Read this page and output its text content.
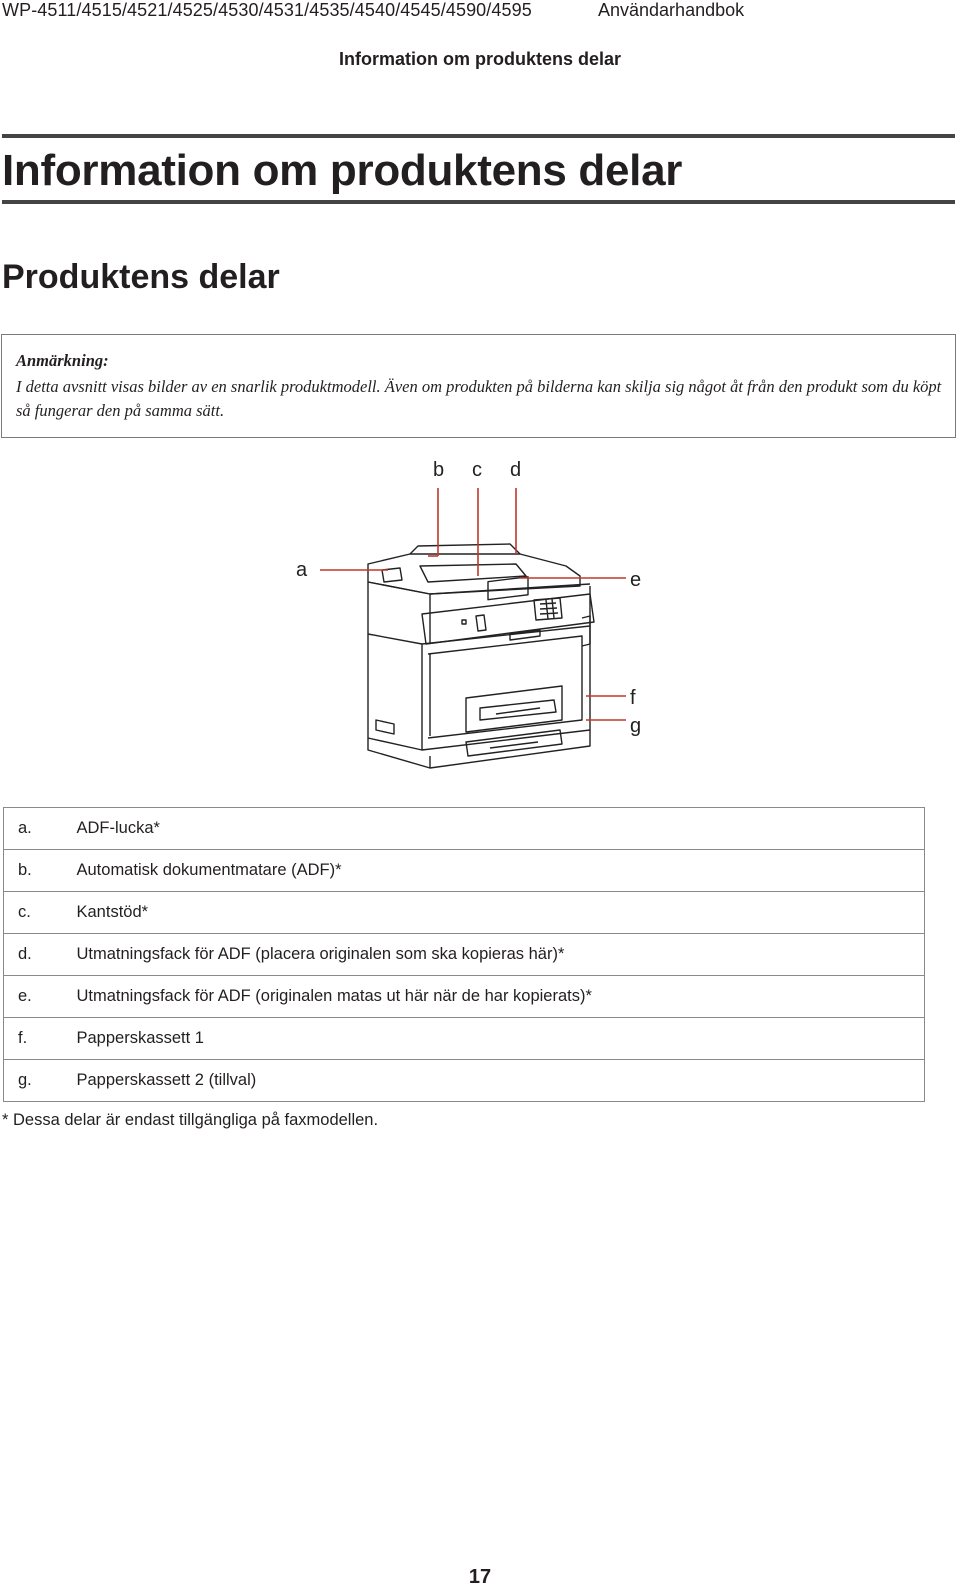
WP-4511/4515/4521/4525/4530/4531/4535/4540/4545/4590/4595	Användarhandbok
Information om produktens delar
Information om produktens delar
Produktens delar
Anmärkning:
I detta avsnitt visas bilder av en snarlik produktmodell. Även om produkten på bilderna kan skilja sig något åt från den produkt som du köpt så fungerar den på samma sätt.
b c d
a	e
f
g
a.	ADF-lucka*
b.	Automatisk dokumentmatare (ADF)*
c.	Kantstöd*
d.	Utmatningsfack för ADF (placera originalen som ska kopieras här)*
e.	Utmatningsfack för ADF (originalen matas ut här när de har kopierats)*
f.	Papperskassett 1
g.	Papperskassett 2 (tillval)
* Dessa delar är endast tillgängliga på faxmodellen.
17
